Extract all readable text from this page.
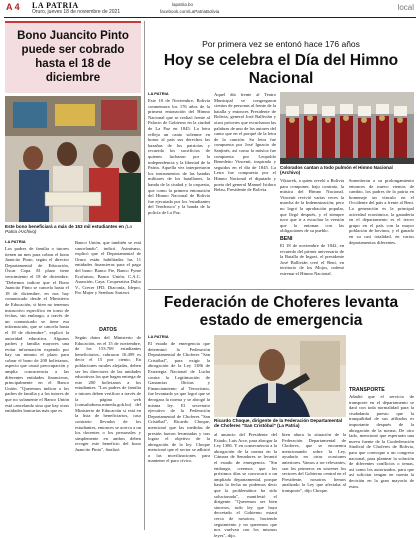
A 4 LA PATRIA
Oruro, jueves 18 de noviembre de 2021
lapatria.bo
facebook.com/LaPatriaBolivia	local
Bono Juancito Pinto puede ser cobrado hasta el 18 de diciembre
Este bono beneficiará a más de 153 mil estudiantes en (La Patria /Archivo)
LA PATRIA
Los padres de familia o tutores tienen un mes para cobrar el bono Juancito Pinto, según el director Departamental de Educación, Óscar Copa. El plazo tiene vencimiento el 18 de diciembre. "Debemos indicar que el Bono Juancito Pinto se cancela hasta el 18 de diciembre, en nos hay comunicado desde el Ministerio de Educación, si bien no tenemos instructivo específico en torno de fechas, sin embargo, a través de un comunicado se tiene esa información, que se cancela hasta el 18 de diciembre", explicó la autoridad educativa. Algunos padres y familia mayores una evitar información expendo por hay un minuto el plazo para cobrar el bono de 200 bolivianos, aspecto que causó preocupación y amplia concurrencia a las diferentes entidades financieras, principalmente en el Banco Unión. "Queremos indicar a los padres de familia y a los tutores de que no solamente el Banco Unión está cancelando sino que hay otras entidades bancarias más que es
Banco Unión, que también se está cancelando", indicó. Asimismo, explicó que el Departamental de Oruro están habilitadas las 11 entidades financieras para el pago del bono: Banco Fie, Banco Pyme Ecofuturo, Banco Unión, C.A.C. Asunción, Caya. Cooperativa Dulio V., Crecer IFD, Diaconía, Idepro, Pro Mujer y Sembrar Sartawi.
DATOS
Según datos del Ministerio de Educación, en el 15 de noviembre, de los 153.769 estudiantes beneficiarios, cobraron 16.499 es decir el 15 por ciento. En poblaciones rurales alejadas, deben ser los directores de las unidades educativas los que hagan entrega de este 200 bolivianos a los estudiantes. "Los padres de familia o tutores deben verificar a través de la página web (consultabono.minedu.gob.bo) del Ministerio de Educación si está en la lista de beneficiarios, caso contrario llevados de los estudiantes, entonces se acerca a un los docentes o los personales y simplemente en ambos deben recoger este beneficio del bono Juancito Pinto", finalizó.
Por primera vez se entonó hace 176 años
Hoy se celebra el Día del Himno Nacional
LA PATRIA
Este 18 de Noviembre, Bolivia conmemora los 176 años de la primera entonación del Himno Nacional que se realizó frente al Palacio de Gobierno en la ciudad de La Paz en 1845. La letra refleja un canto solemne en honor al país sus derechos las hazañas de los patriotas y recuerda los sacrificios de quienes lucharon por la independencia y la libertad de la Patria. Aquella vez interpretaron los instrumentos de las bandas militares de los batallones, la banda de la ciudad y la orquesta, que como la primera entonación del Himno Nacional de Bolivia fue ejecutada por los 'estudiantes del Tenderuco' y la banda de la policía de La Paz.
Aquel día frente al Teatro Municipal se congregaron cientos de personas al frente de la batalla y entonces Presidente de Bolivia, general José Ballivián y otros próceres que escucharon las palabras de uno de los autores del canto que en el porqué de la letra de la canción. Su letra fue compuesta por José Ignacio de Sanjinés, así como la música fue compuesta por Leopoldo Benedetto Vincenti, inspirado y seguidos en el día de 1845. La Letra fue compuesta por el Himno Nacional el diputado y poeta del general Manuel Isidoro Belzu, Presidente de Bolivia.
Colorados cantan a todo pulmón el Himno Nacional (Archivo)
Viktorek, a quien reveló a Bolivia para componer, bajo contrato, la música del Himno Nacional. Vincenti revivió varias veces la marcha de la Indemnización; pero no logró la aprobación popular, que llegó después, y el siempre tuvo que ir a escuchar la versión que la entonan con las obligaciones de su pueblo.
BENI
El 18 de noviembre de 1842, en recuerdo del primer aniversario de la Batalla de Ingavi, el presidente José Ballivián creó el Beni, en territorio de los Mojos, ordenó estrenar el Himno Nacional.
Sometieron a su prolongamiento entonces de nuevo vientos de cambio, los padres de la patria en homenaje un vínculo en el Occidente del país a frente al Beni. La generación es la principal actividad económica, la ganadería en el departamento es el tercer grupo en el país con la mayor población de bovinos, y el ganado en su casi totalidad, en varios departamentos diferentes.
Federación de Choferes levanta estado de emergencia
LA PATRIA
El estado de emergencia que determinó la Federación Departamental de Choferes "San Cristóbal", para exigir la abrogación de la Ley 1386 de Estrategia Nacional de Lucha contra la Legitimación de Ganancias Ilícitas y Financiamiento al Terrorismo, fue levantado ya que logró que se derogara la norma y se abrogó la misma ley. El secretario ejecutivo de la Federación Departamental de Choferes "San Cristóbal", Ricardo Choque, mencionó que las medidas de presión fueron levantadas y tras lograr el objetivo de la abrogación de la ley. Choque mencionó que el sector se adhirió a las movilizaciones para mantener el paro cívico.
Ricardo Choque, dirigente de la Federación Departamental de Choferes "San Cristóbal" (La Patria)
al anuncio del Presidente del Estado, Luis Arce, para abrogar la Ley 1386. Y en consecuencia a la abrogación de la norma en la Cámara de Senadores se levantó el estado de emergencia. "Sin embargo, creemos que los próximos días se convocará a un ampliado departamental, porque hasta la fecha no podemos decir que la problemática ha sido solucionada", manifestó el dirigente. "Queremos ser bien sinceros, todo ley que haya decretado el Gobierno estará cerca de nosotros, haciendo seguimiento y no queremos que nos vuelvan con los mismos leyes", dijo.
bien ahora la situación de la Federación Departamental de Choferes, que se encuentra mencionando sobre la Ley, ayudaría en otras ocasiones anteriores. Vamos a ser relevantes, son los primeros en sostener los sectores del Gobierno central en el Presidente, nosotros hemos analizado la Ley que afectaba al transporte", dijo Choque.
TRANSPORTE
Añadió que el servicio de transporte en el departamento se dará con toda normalidad para la ciudadanía puesto que la tranquilidad de sus afiliados es importante después de la abrogación de la norma. De otro lado, mencionó que esperarán una nueva fuente de la Confederación Sindical de Choferes de Bolivia, para que convoque a un congreso nacional, para plantear la solución de diferentes conflictos o temas, así como los autorizados, para que así solicitar tengan en cuenta la decisión en la gran mayoría de estos.
